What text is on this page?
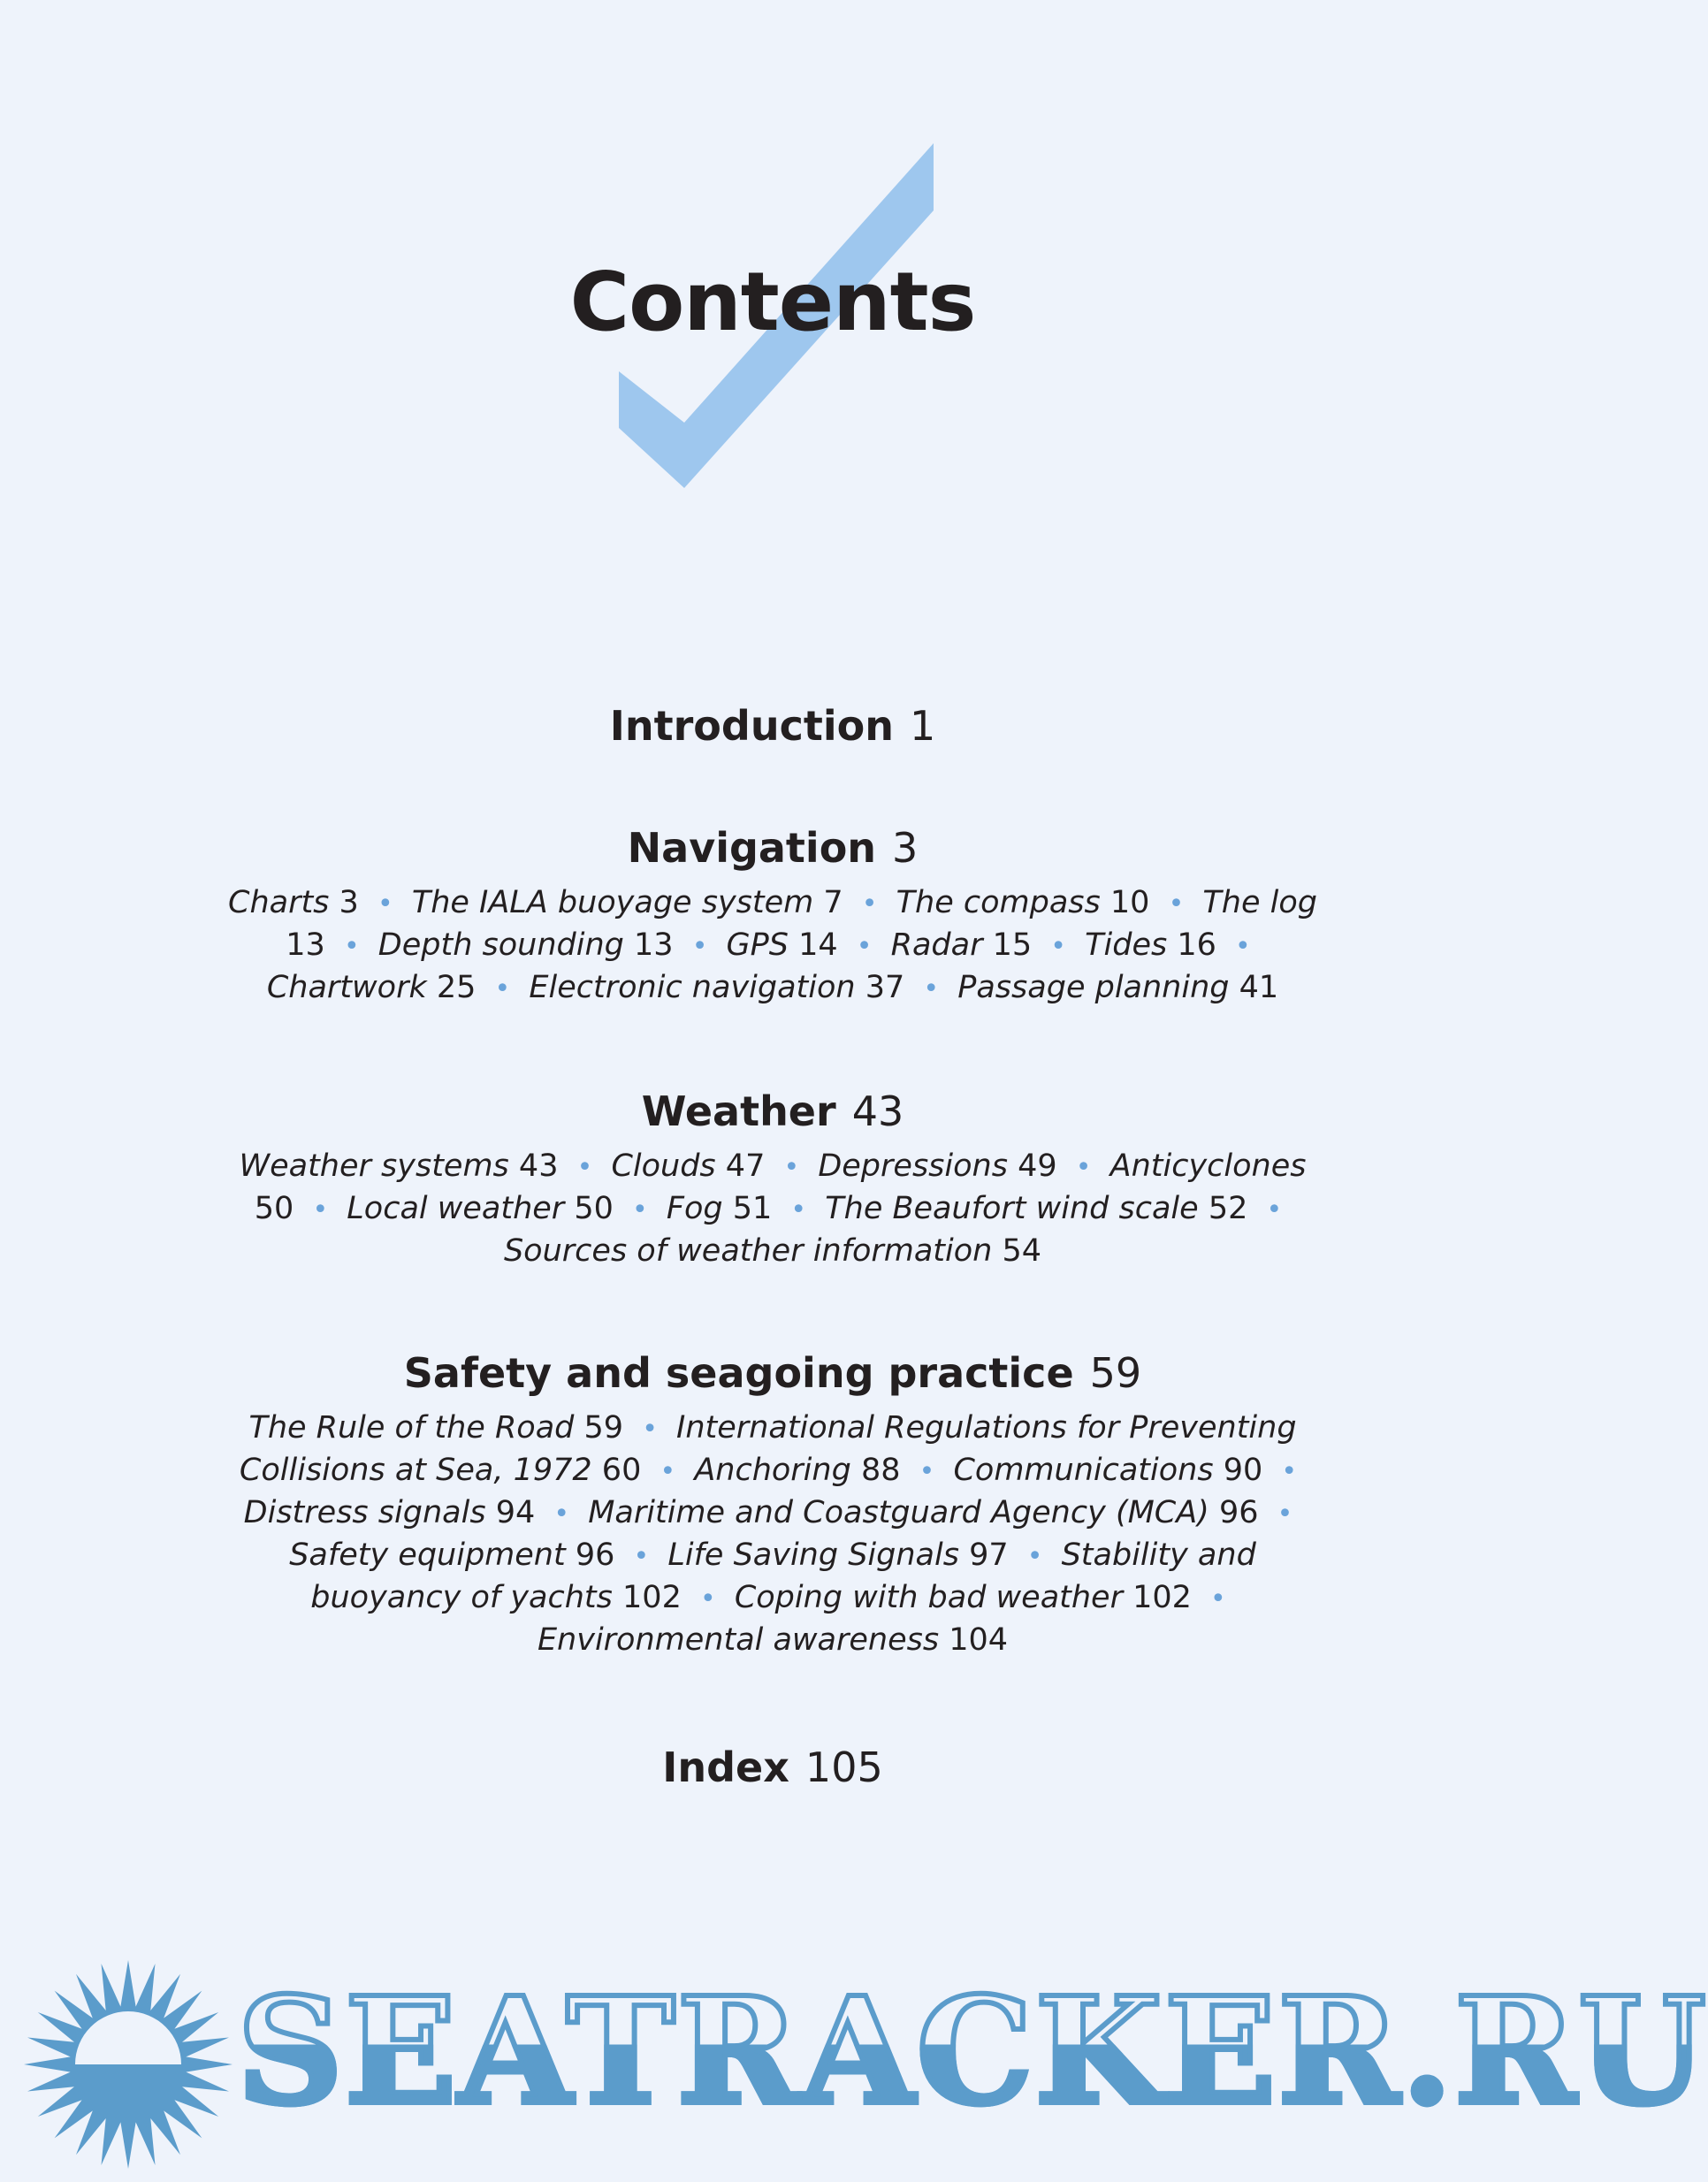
Contents

Introduction 1

Navigation 3

Charts 3 • The IALA buoyage system 7 • The compass 10 • The log 13 • Depth sounding 13 • GPS 14 • Radar 15 • Tides 16 • Chartwork 25 • Electronic navigation 37 • Passage planning 41

Weather 43

Weather systems 43 • Clouds 47 • Depressions 49 • Anticyclones 50 • Local weather 50 • Fog 51 • The Beaufort wind scale 52 • Sources of weather information 54

Safety and seagoing practice 59

The Rule of the Road 59 • International Regulations for Preventing Collisions at Sea, 1972 60 • Anchoring 88 • Communications 90 • Distress signals 94 • Maritime and Coastguard Agency (MCA) 96 • Safety equipment 96 • Life Saving Signals 97 • Stability and buoyancy of yachts 102 • Coping with bad weather 102 • Environmental awareness 104

Index 105

SEATRACKER.RU
